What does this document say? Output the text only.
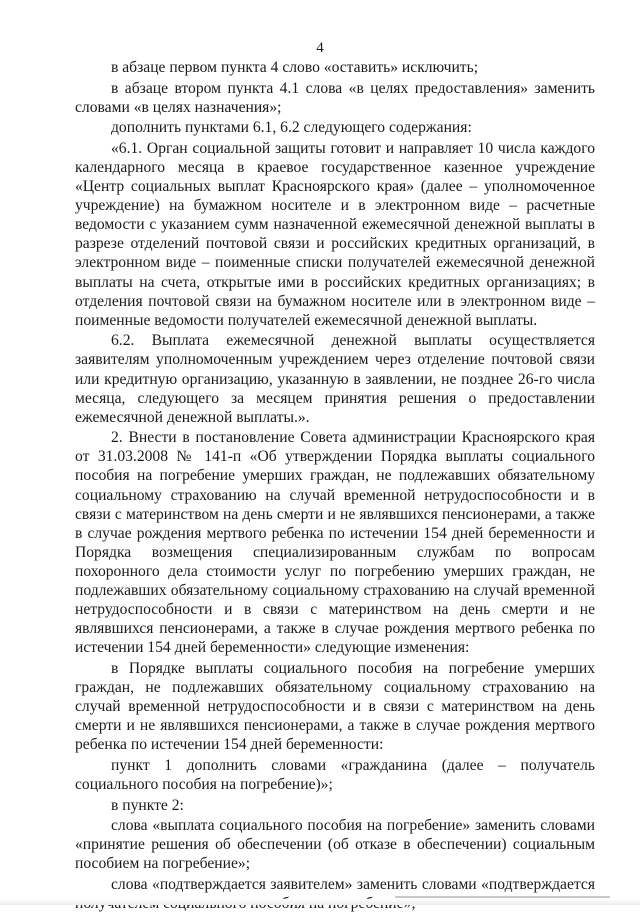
4

в абзаце первом пункта 4 слово «оставить» исключить;

в абзаце втором пункта 4.1 слова «в целях предоставления» заменить словами «в целях назначения»;

дополнить пунктами 6.1, 6.2 следующего содержания:

«6.1. Орган социальной защиты готовит и направляет 10 числа каждого календарного месяца в краевое государственное казенное учреждение «Центр социальных выплат Красноярского края» (далее – уполномоченное учреждение) на бумажном носителе и в электронном виде – расчетные ведомости с указанием сумм назначенной ежемесячной денежной выплаты в разрезе отделений почтовой связи и российских кредитных организаций, в электронном виде – поименные списки получателей ежемесячной денежной выплаты на счета, открытые ими в российских кредитных организациях; в отделения почтовой связи на бумажном носителе или в электронном виде – поименные ведомости получателей ежемесячной денежной выплаты.

6.2. Выплата ежемесячной денежной выплаты осуществляется заявителям уполномоченным учреждением через отделение почтовой связи или кредитную организацию, указанную в заявлении, не позднее 26-го числа месяца, следующего за месяцем принятия решения о предоставлении ежемесячной денежной выплаты.».

2. Внести в постановление Совета администрации Красноярского края от 31.03.2008 № 141-п «Об утверждении Порядка выплаты социального пособия на погребение умерших граждан, не подлежавших обязательному социальному страхованию на случай временной нетрудоспособности и в связи с материнством на день смерти и не являвшихся пенсионерами, а также в случае рождения мертвого ребенка по истечении 154 дней беременности и Порядка возмещения специализированным службам по вопросам похоронного дела стоимости услуг по погребению умерших граждан, не подлежавших обязательному социальному страхованию на случай временной нетрудоспособности и в связи с материнством на день смерти и не являвшихся пенсионерами, а также в случае рождения мертвого ребенка по истечении 154 дней беременности» следующие изменения:

в Порядке выплаты социального пособия на погребение умерших граждан, не подлежавших обязательному социальному страхованию на случай временной нетрудоспособности и в связи с материнством на день смерти и не являвшихся пенсионерами, а также в случае рождения мертвого ребенка по истечении 154 дней беременности:

пункт 1 дополнить словами «гражданина (далее – получатель социального пособия на погребение)»;

в пункте 2:

слова «выплата социального пособия на погребение» заменить словами «принятие решения об обеспечении (об отказе в обеспечении) социальным пособием на погребение»;

слова «подтверждается заявителем» заменить словами «подтверждается
